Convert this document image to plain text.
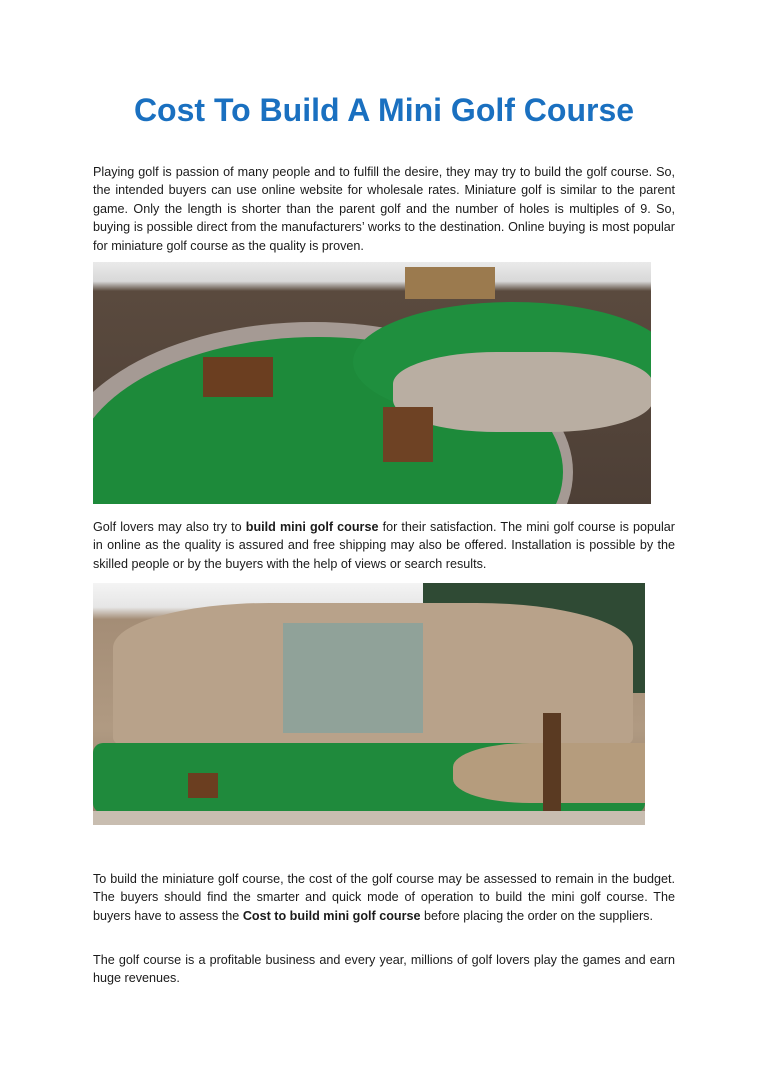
Cost To Build A Mini Golf Course

Playing golf is passion of many people and to fulfill the desire, they may try to build the golf course. So, the intended buyers can use online website for wholesale rates. Miniature golf is similar to the parent game. Only the length is shorter than the parent golf and the number of holes is multiples of 9. So, buying is possible direct from the manufacturers’ works to the destination. Online buying is most popular for miniature golf course as the quality is proven.

Golf lovers may also try to build mini golf course for their satisfaction. The mini golf course is popular in online as the quality is assured and free shipping may also be offered. Installation is possible by the skilled people or by the buyers with the help of views or search results.

To build the miniature golf course, the cost of the golf course may be assessed to remain in the budget. The buyers should find the smarter and quick mode of operation to build the mini golf course. The buyers have to assess the Cost to build mini golf course before placing the order on the suppliers.

The golf course is a profitable business and every year, millions of golf lovers play the games and earn huge revenues.
